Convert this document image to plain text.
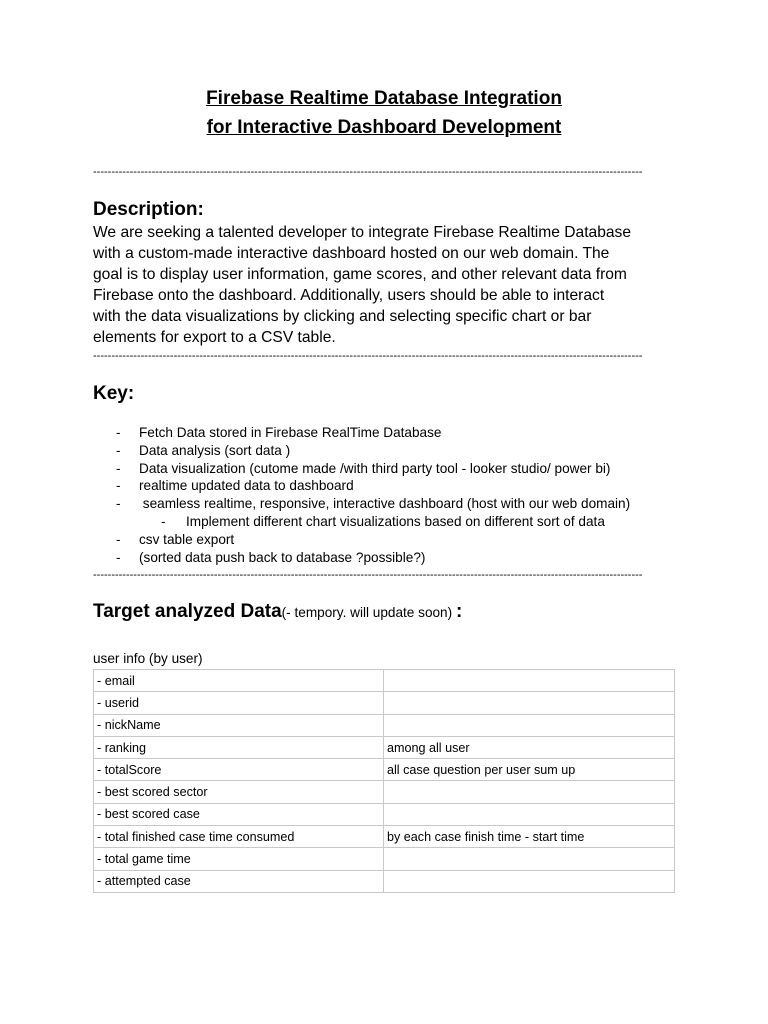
Firebase Realtime Database Integration
for Interactive Dashboard Development
------------------------------------------------------------------------------------------------------------------------------------------------------
Description:

We are seeking a talented developer to integrate Firebase Realtime Database

with a custom-made interactive dashboard hosted on our web domain. The

goal is to display user information, game scores, and other relevant data from

Firebase onto the dashboard. Additionally, users should be able to interact

with the data visualizations by clicking and selecting specific chart or bar

elements for export to a CSV table.

------------------------------------------------------------------------------------------------------------------------------------------------------
Key:
- Fetch Data stored in Firebase RealTime Database
- Data analysis (sort data )
- Data visualization (cutome made /with third party tool - looker studio/ power bi)
- realtime updated data to dashboard
- seamless realtime, responsive, interactive dashboard (host with our web domain)
- Implement different chart visualizations based on different sort of data
- csv table export
- (sorted data push back to database ?possible?)
------------------------------------------------------------------------------------------------------------------------------------------------------
Target analyzed Data(- tempory. will update soon) :
user info (by user)
- email	
- userid	
- nickName	
- ranking	among all user
- totalScore	all case question per user sum up
- best scored sector	
- best scored case	
- total finished case time consumed	by each case finish time - start time
- total game time	
- attempted case	
